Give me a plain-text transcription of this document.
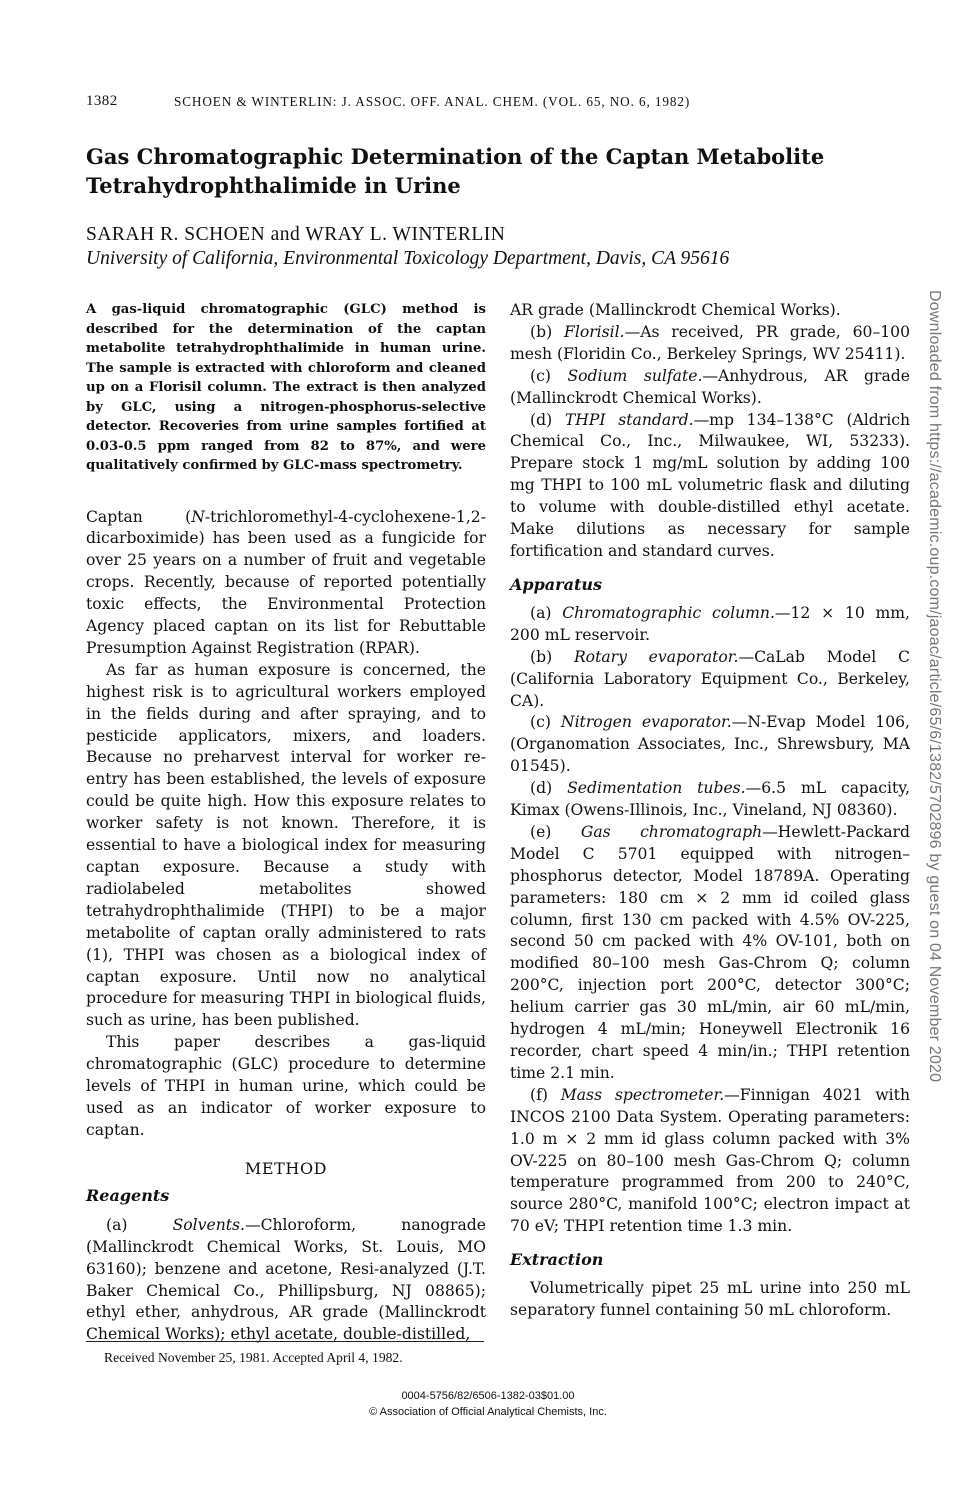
1382	SCHOEN & WINTERLIN: J. ASSOC. OFF. ANAL. CHEM. (VOL. 65, NO. 6, 1982)
Gas Chromatographic Determination of the Captan Metabolite
Tetrahydrophthalimide in Urine
SARAH R. SCHOEN and WRAY L. WINTERLIN
University of California, Environmental Toxicology Department, Davis, CA 95616

A gas-liquid chromatographic (GLC) method is described for the determination of the captan metabolite tetrahydrophthalimide in human urine. The sample is extracted with chloroform and cleaned up on a Florisil column. The extract is then analyzed by GLC, using a nitrogen-phosphorus-selective detector. Recoveries from urine samples fortified at 0.03-0.5 ppm ranged from 82 to 87%, and were qualitatively confirmed by GLC-mass spectrometry.

Captan (N-trichloromethyl-4-cyclohexene-1,2-dicarboximide) has been used as a fungicide for over 25 years on a number of fruit and vegetable crops. Recently, because of reported potentially toxic effects, the Environmental Protection Agency placed captan on its list for Rebuttable Presumption Against Registration (RPAR).

As far as human exposure is concerned, the highest risk is to agricultural workers employed in the fields during and after spraying, and to pesticide applicators, mixers, and loaders. Because no preharvest interval for worker re-entry has been established, the levels of exposure could be quite high. How this exposure relates to worker safety is not known. Therefore, it is essential to have a biological index for measuring captan exposure. Because a study with radiolabeled metabolites showed tetrahydrophthalimide (THPI) to be a major metabolite of captan orally administered to rats (1), THPI was chosen as a biological index of captan exposure. Until now no analytical procedure for measuring THPI in biological fluids, such as urine, has been published.

This paper describes a gas-liquid chromatographic (GLC) procedure to determine levels of THPI in human urine, which could be used as an indicator of worker exposure to captan.

METHOD
Reagents

(a) Solvents.—Chloroform, nanograde (Mallinckrodt Chemical Works, St. Louis, MO 63160); benzene and acetone, Resi-analyzed (J.T. Baker Chemical Co., Phillipsburg, NJ 08865); ethyl ether, anhydrous, AR grade (Mallinckrodt Chemical Works); ethyl acetate, double-distilled,

AR grade (Mallinckrodt Chemical Works).

(b) Florisil.—As received, PR grade, 60–100 mesh (Floridin Co., Berkeley Springs, WV 25411).

(c) Sodium sulfate.—Anhydrous, AR grade (Mallinckrodt Chemical Works).

(d) THPI standard.—mp 134–138°C (Aldrich Chemical Co., Inc., Milwaukee, WI, 53233). Prepare stock 1 mg/mL solution by adding 100 mg THPI to 100 mL volumetric flask and diluting to volume with double-distilled ethyl acetate. Make dilutions as necessary for sample fortification and standard curves.

Apparatus

(a) Chromatographic column.—12 × 10 mm, 200 mL reservoir.

(b) Rotary evaporator.—CaLab Model C (California Laboratory Equipment Co., Berkeley, CA).

(c) Nitrogen evaporator.—N-Evap Model 106, (Organomation Associates, Inc., Shrewsbury, MA 01545).

(d) Sedimentation tubes.—6.5 mL capacity, Kimax (Owens-Illinois, Inc., Vineland, NJ 08360).

(e) Gas chromatograph—Hewlett-Packard Model C 5701 equipped with nitrogen–phosphorus detector, Model 18789A. Operating parameters: 180 cm × 2 mm id coiled glass column, first 130 cm packed with 4.5% OV-225, second 50 cm packed with 4% OV-101, both on modified 80–100 mesh Gas-Chrom Q; column 200°C, injection port 200°C, detector 300°C; helium carrier gas 30 mL/min, air 60 mL/min, hydrogen 4 mL/min; Honeywell Electronik 16 recorder, chart speed 4 min/in.; THPI retention time 2.1 min.

(f) Mass spectrometer.—Finnigan 4021 with INCOS 2100 Data System. Operating parameters: 1.0 m × 2 mm id glass column packed with 3% OV-225 on 80–100 mesh Gas-Chrom Q; column temperature programmed from 200 to 240°C, source 280°C, manifold 100°C; electron impact at 70 eV; THPI retention time 1.3 min.

Extraction

Volumetrically pipet 25 mL urine into 250 mL separatory funnel containing 50 mL chloroform.

Received November 25, 1981. Accepted April 4, 1982.
0004-5756/82/6506-1382-03$01.00
© Association of Official Analytical Chemists, Inc.
Downloaded from https://academic.oup.com/jaoac/article/65/6/1382/5702896 by guest on 04 November 2020
